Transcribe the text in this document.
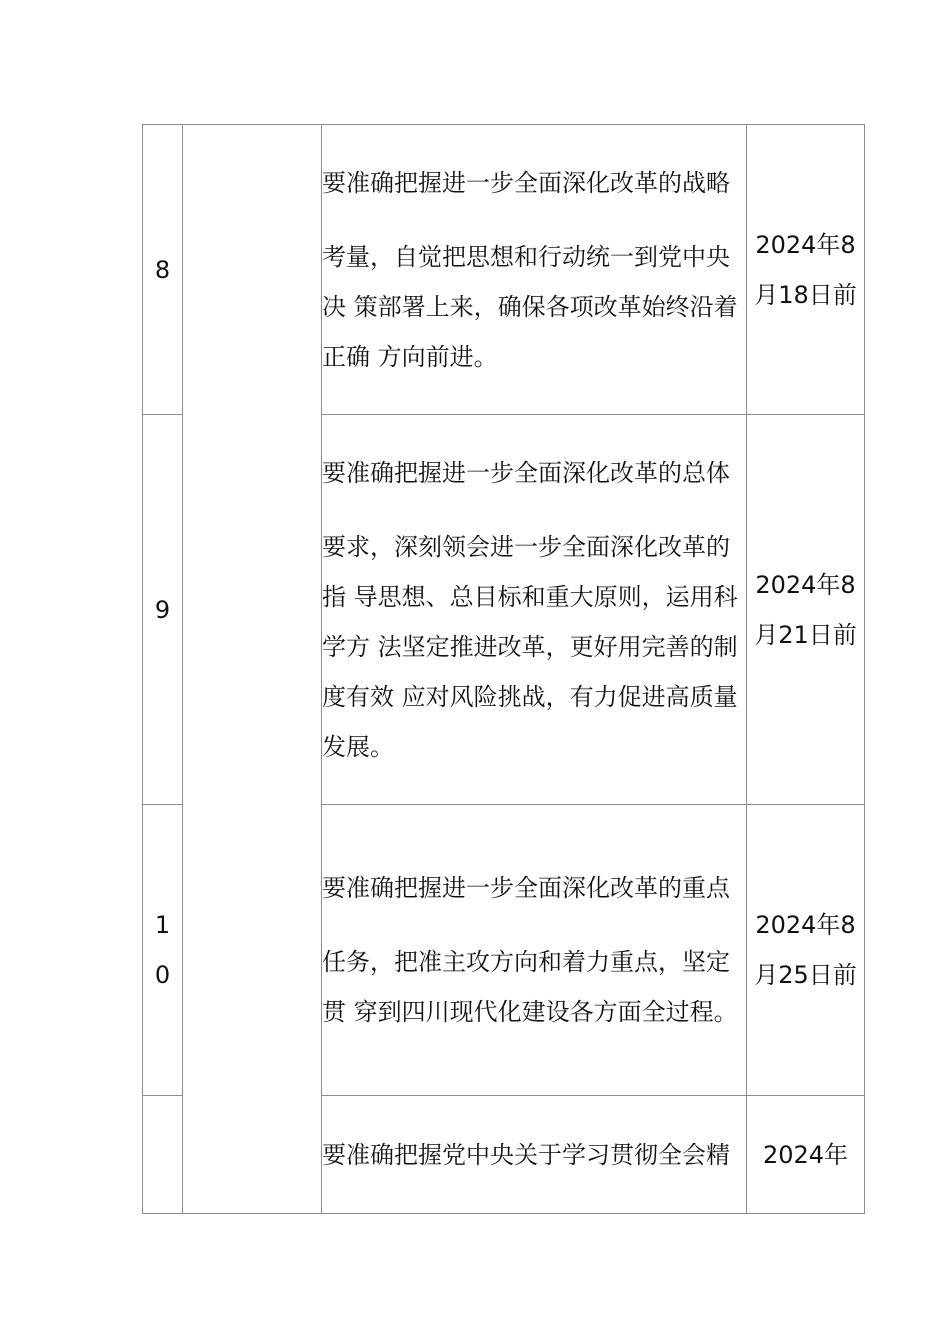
8		要准确把握进一步全面深化改革的战略

考量，自觉把思想和行动统一到党中央决 策部署上来，确保各项改革始终沿着正确 方向前进。	2024年8月18日前

9		要准确把握进一步全面深化改革的总体

要求，深刻领会进一步全面深化改革的指 导思想、总目标和重大原则，运用科学方 法坚定推进改革，更好用完善的制度有效 应对风险挑战，有力促进高质量发展。	2024年8月21日前

10		要准确把握进一步全面深化改革的重点

任务，把准主攻方向和着力重点，坚定贯 穿到四川现代化建设各方面全过程。	2024年8月25日前

		要准确把握党中央关于学习贯彻全会精	2024年
